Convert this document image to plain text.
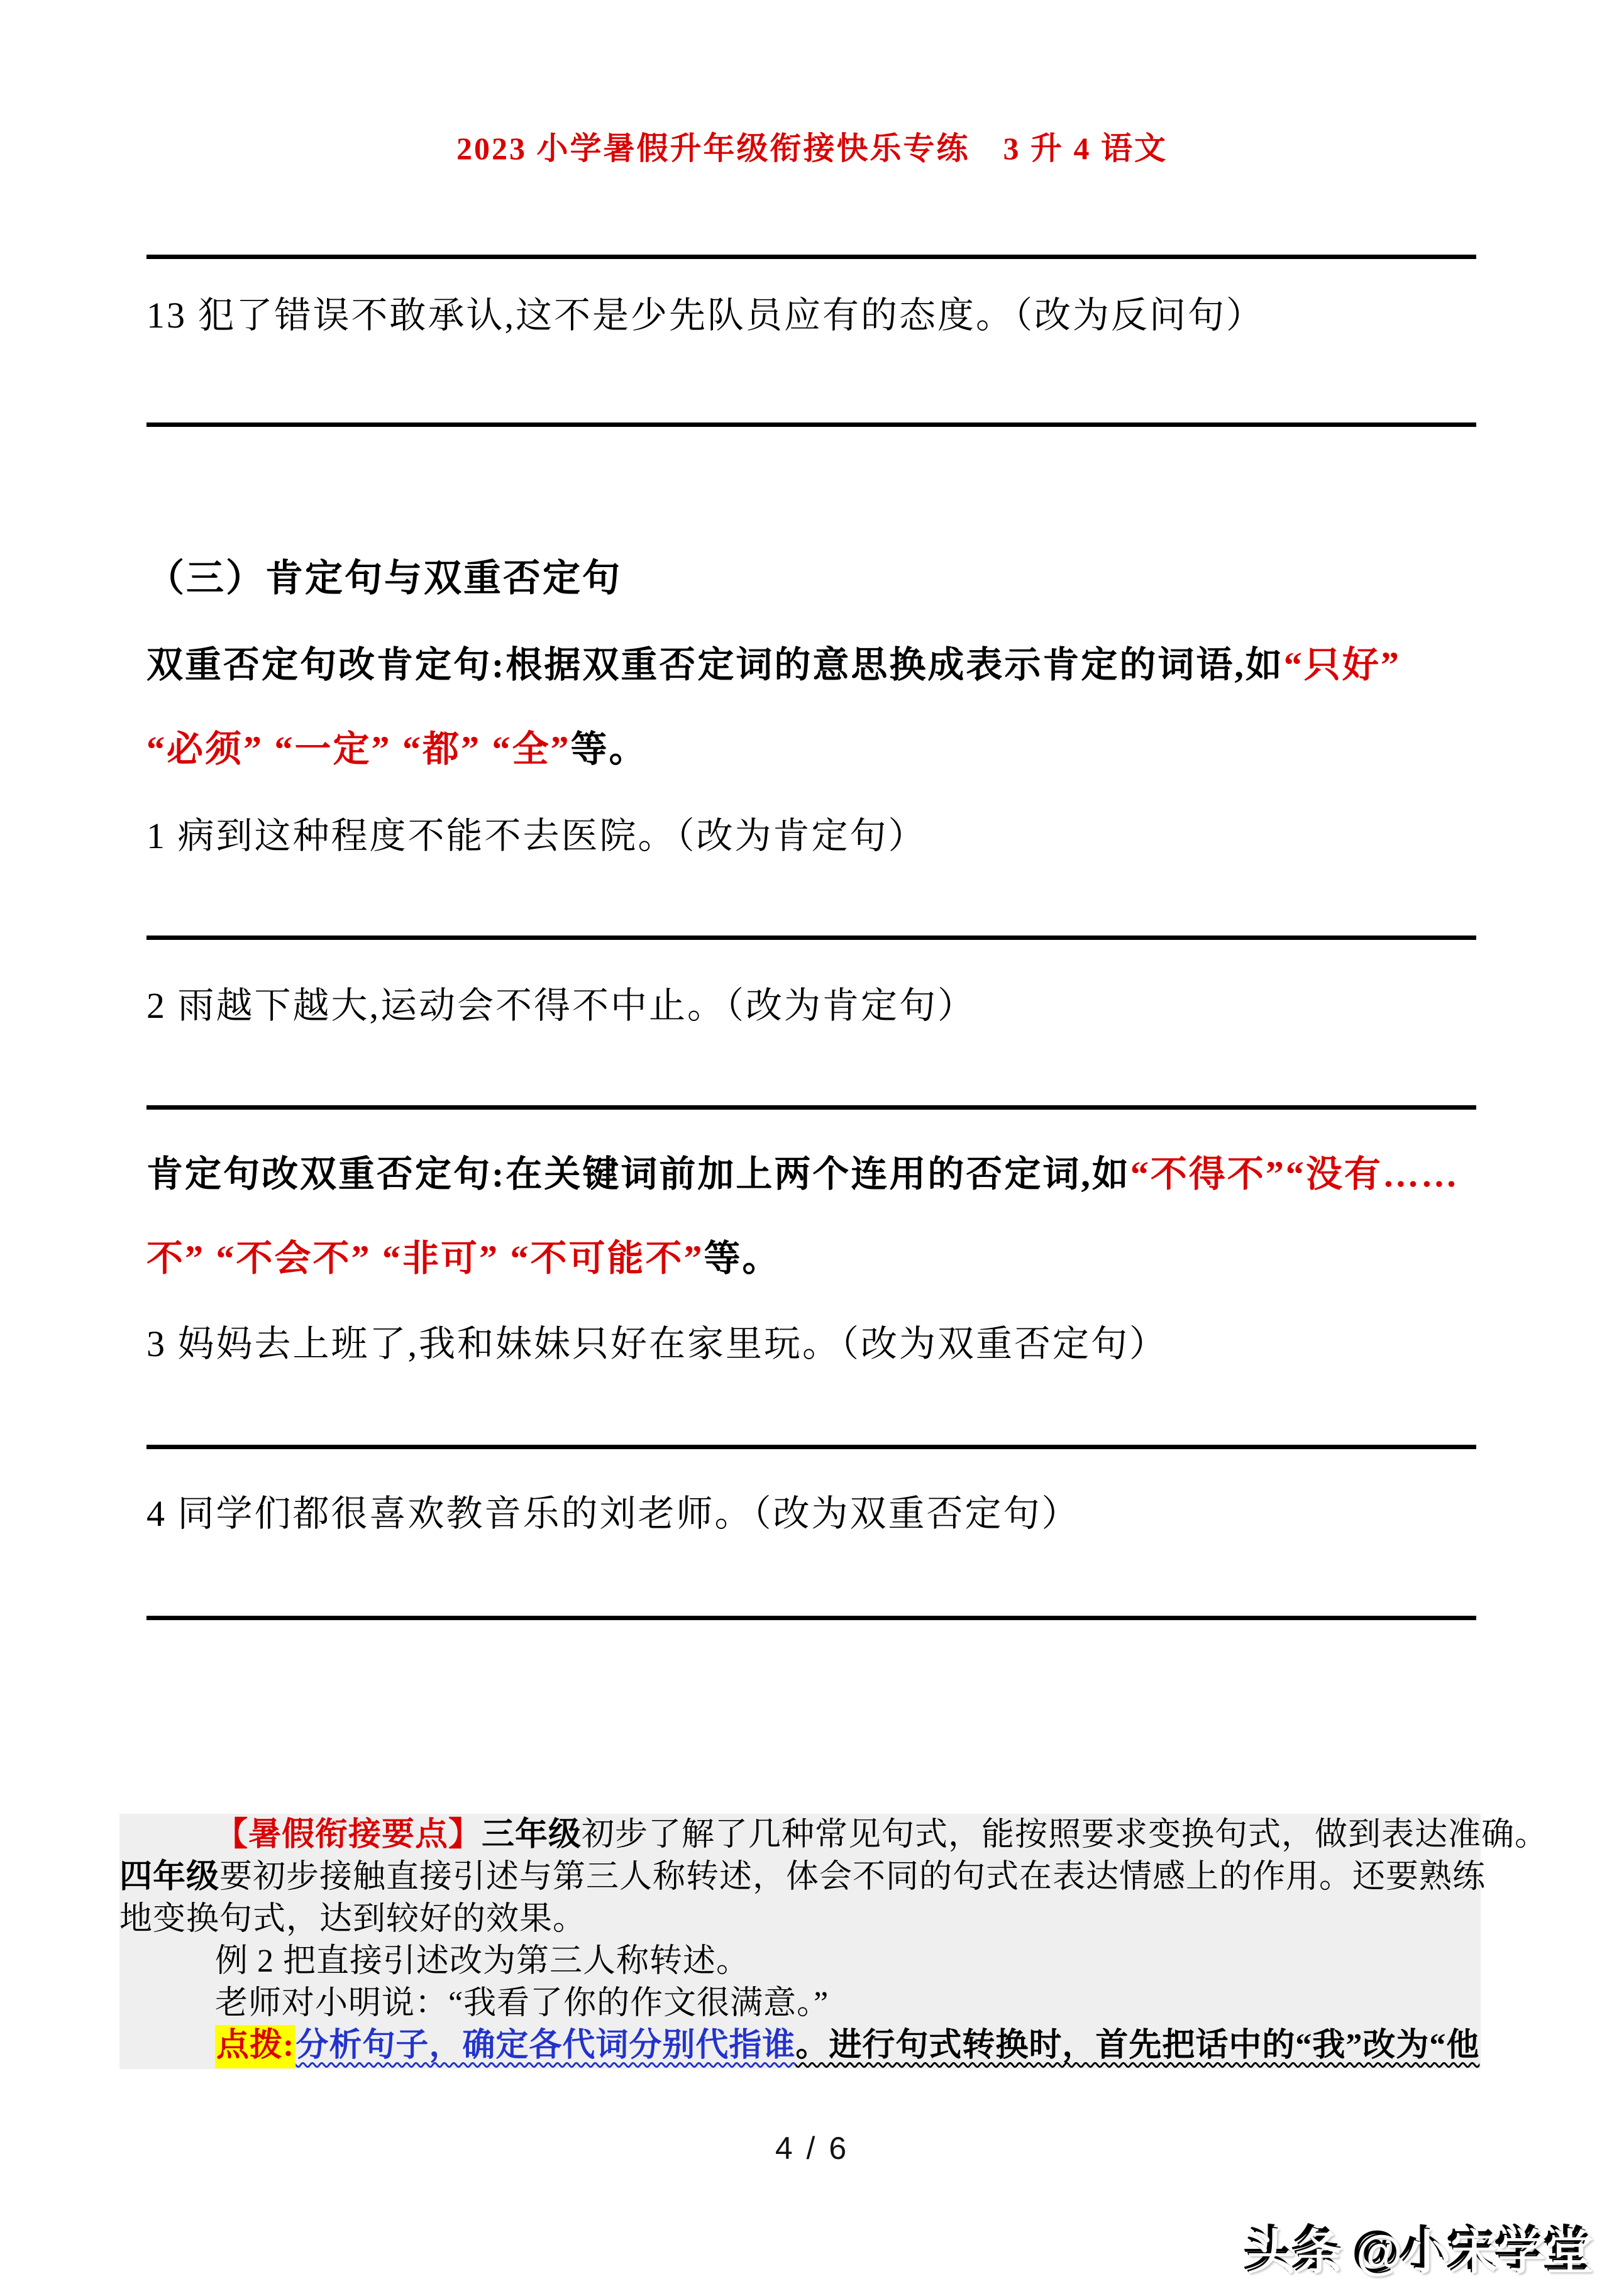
2023 小学暑假升年级衔接快乐专练　3 升 4 语文
13 犯了错误不敢承认,这不是少先队员应有的态度。（改为反问句）
（三）肯定句与双重否定句
双重否定句改肯定句:根据双重否定词的意思换成表示肯定的词语,如“只好”
“必须” “一定” “都” “全”等。
1 病到这种程度不能不去医院。（改为肯定句）
2 雨越下越大,运动会不得不中止。（改为肯定句）
肯定句改双重否定句:在关键词前加上两个连用的否定词,如“不得不”“没有……
不” “不会不” “非可” “不可能不”等。
3 妈妈去上班了,我和妹妹只好在家里玩。（改为双重否定句）
4 同学们都很喜欢教音乐的刘老师。（改为双重否定句）
【暑假衔接要点】三年级初步了解了几种常见句式，能按照要求变换句式，做到表达准确。
四年级要初步接触直接引述与第三人称转述，体会不同的句式在表达情感上的作用。还要熟练
地变换句式，达到较好的效果。
例 2 把直接引述改为第三人称转述。
老师对小明说：“我看了你的作文很满意。”
点拨:分析句子，确定各代词分别代指谁。进行句式转换时，首先把话中的“我”改为“他
4 / 6
头条 @小宋学堂
